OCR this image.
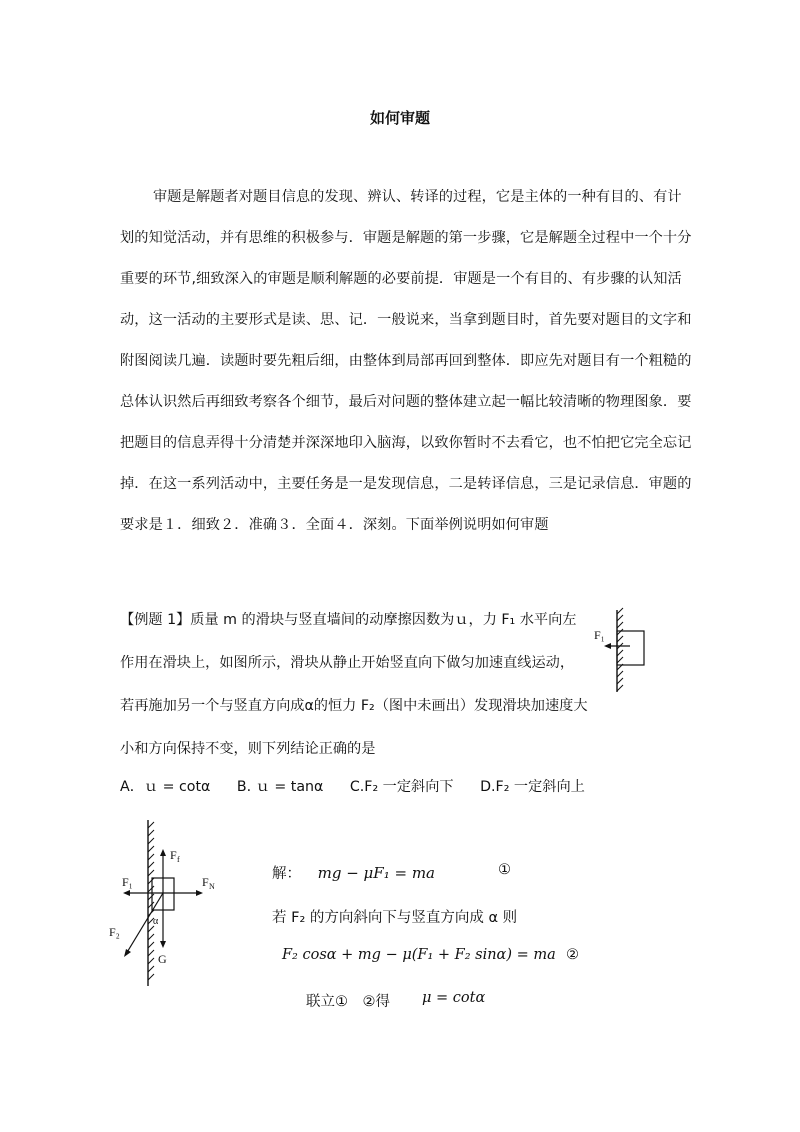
如何审题
审题是解题者对题目信息的发现、辨认、转译的过程，它是主体的一种有目的、有计
划的知觉活动，并有思维的积极参与．审题是解题的第一步骤，它是解题全过程中一个十分
重要的环节,细致深入的审题是顺利解题的必要前提．审题是一个有目的、有步骤的认知活
动，这一活动的主要形式是读、思、记．一般说来，当拿到题目时，首先要对题目的文字和
附图阅读几遍．读题时要先粗后细，由整体到局部再回到整体．即应先对题目有一个粗糙的
总体认识然后再细致考察各个细节，最后对问题的整体建立起一幅比较清晰的物理图象．要
把题目的信息弄得十分清楚并深深地印入脑海，以致你暂时不去看它，也不怕把它完全忘记
掉．在这一系列活动中，主要任务是一是发现信息，二是转译信息，三是记录信息．审题的
要求是１．细致２．准确３．全面４．深刻。下面举例说明如何审题
【例题 1】质量 m 的滑块与竖直墙间的动摩擦因数为ｕ，力 F₁ 水平向左
作用在滑块上，如图所示，滑块从静止开始竖直向下做匀加速直线运动，
若再施加另一个与竖直方向成α的恒力 F₂（图中未画出）发现滑块加速度大
小和方向保持不变，则下列结论正确的是
A．ｕ = cotα B. ｕ = tanα C.F₂ 一定斜向下 D.F₂ 一定斜向上
F₁
F f
F N
F₁
F₂
α
G
解： mg − μF₁ = ma	①
若 F₂ 的方向斜向下与竖直方向成 α 则
F₂ cosα + mg − μ(F₁ + F₂ sinα) = ma ②
联立①　②得 μ = cotα
